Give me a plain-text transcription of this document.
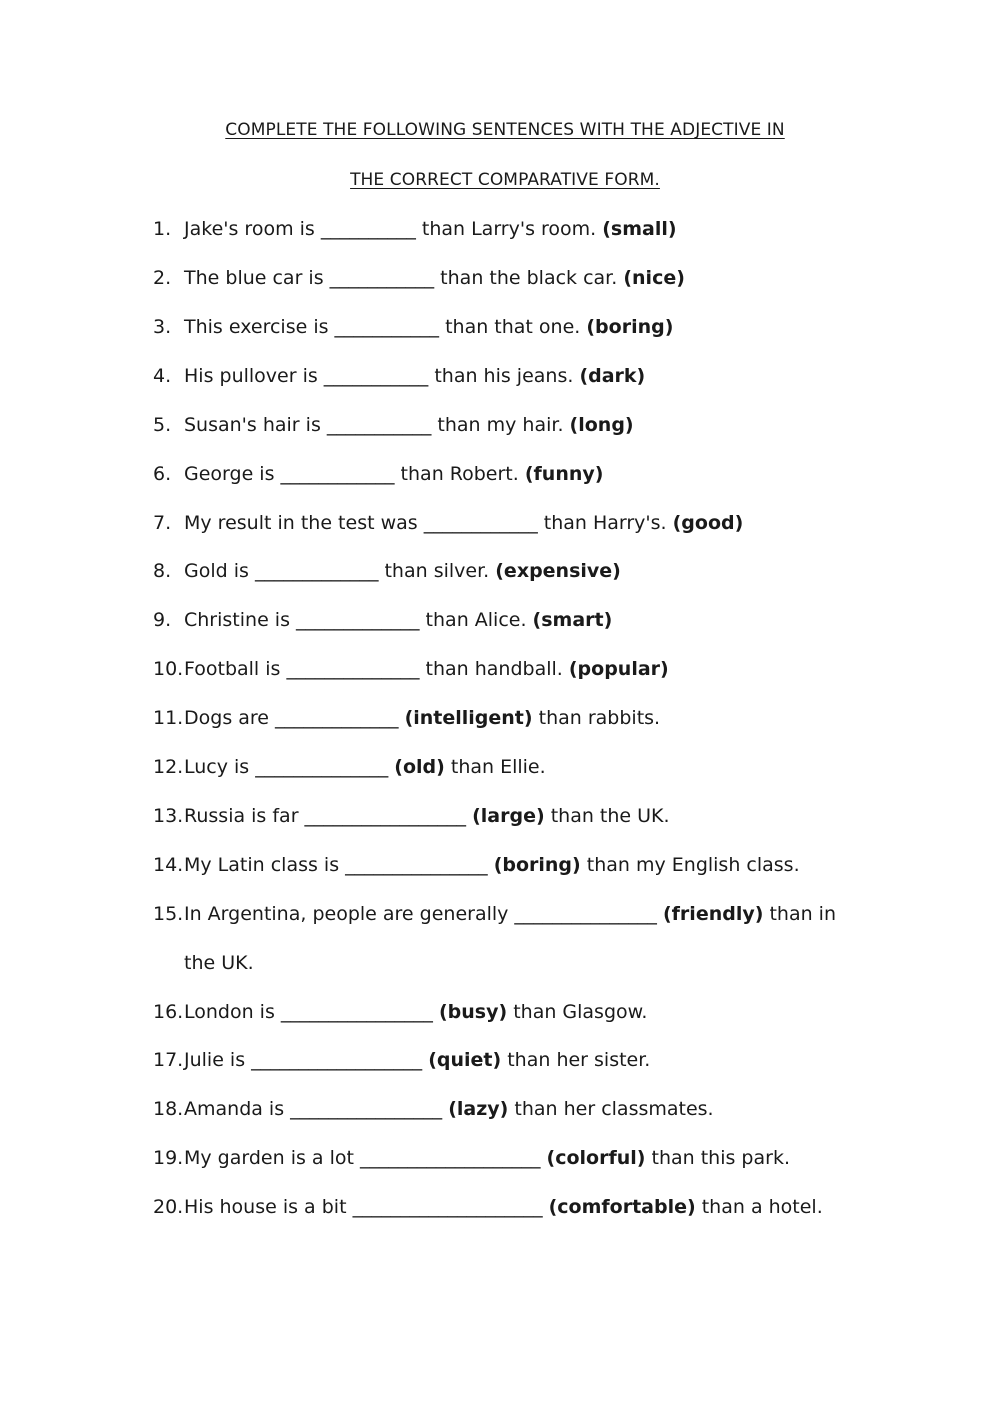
COMPLETE THE FOLLOWING SENTENCES WITH THE ADJECTIVE IN
THE CORRECT COMPARATIVE FORM.
1. Jake's room is __________ than Larry's room. (small)
2. The blue car is ___________ than the black car. (nice)
3. This exercise is ___________ than that one. (boring)
4. His pullover is ___________ than his jeans. (dark)
5. Susan's hair is ___________ than my hair. (long)
6. George is ____________ than Robert. (funny)
7. My result in the test was ____________ than Harry's. (good)
8. Gold is _____________ than silver. (expensive)
9. Christine is _____________ than Alice. (smart)
10. Football is ______________ than handball. (popular)
11. Dogs are _____________ (intelligent) than rabbits.
12. Lucy is ______________ (old) than Ellie.
13. Russia is far _________________ (large) than the UK.
14. My Latin class is _______________ (boring) than my English class.
15. In Argentina, people are generally _______________ (friendly) than in
the UK.
16. London is ________________ (busy) than Glasgow.
17. Julie is __________________ (quiet) than her sister.
18. Amanda is ________________ (lazy) than her classmates.
19. My garden is a lot ___________________ (colorful) than this park.
20. His house is a bit ____________________ (comfortable) than a hotel.
